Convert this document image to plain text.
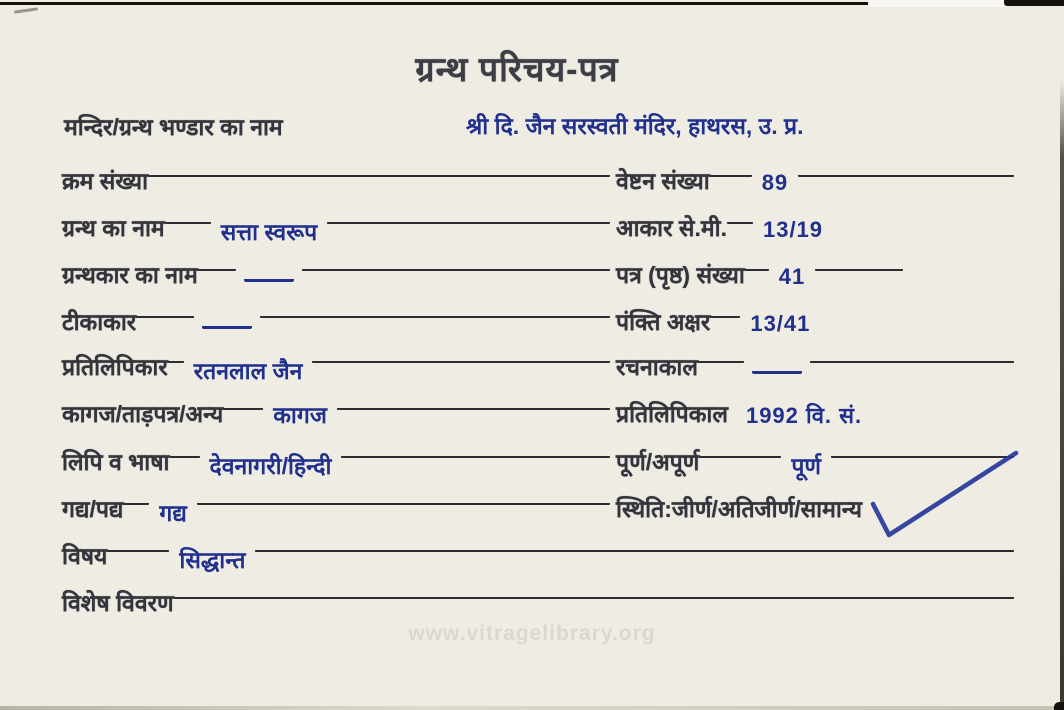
ग्रन्थ परिचय-पत्र
मन्दिर/ग्रन्थ भण्डार का नाम	श्री दि. जैन सरस्वती मंदिर, हाथरस, उ. प्र.
क्रम संख्या	वेष्टन संख्या 89
ग्रन्थ का नाम सत्ता स्वरूप	आकार से.मी. 13/19
ग्रन्थकार का नाम	पत्र (पृष्ठ) संख्या 41
टीकाकार	पंक्ति अक्षर 13/41
प्रतिलिपिकार रतनलाल जैन	रचनाकाल
कागज/ताड़पत्र/अन्य कागज	प्रतिलिपिकाल 1992 वि. सं.
लिपि व भाषा देवनागरी/हिन्दी	पूर्ण/अपूर्ण	पूर्ण
गद्य/पद्य गद्य	स्थिति:जीर्ण/अतिजीर्ण/सामान्य
विषय	सिद्धान्त
विशेष विवरण
www.vitragelibrary.org
